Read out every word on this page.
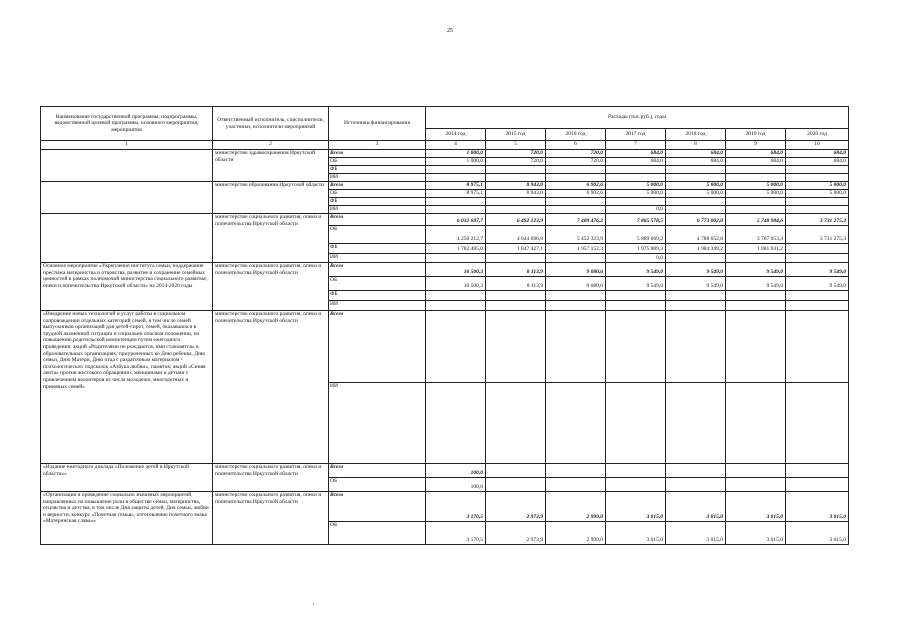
25
Наименование государственной программы, подпрограммы, ведомственной целевой программы, основного мероприятия, мероприятия	Ответственный исполнитель, соисполнители, участники, исполнители мероприятий	Источники финансирования	Расходы (тыс.руб.), годы						
			2014 год	2015 год	2016 год	2017 год	2018 год	2019 год	2020 год
1	2	3	4	5	6	7	8	9	10
	министерство здравоохранения Иркутской области	Всего	1 000,0	720,0	720,0	684,0	684,0	684,0	684,0
		ОБ	1 000,0	720,0	720,0	684,0	684,0	684,0	684,0
		ФБ							
		ИИ							
	министерство образования Иркутской области	Всего	8 975,1	8 943,0	6 902,6	5 000,0	5 000,0	5 000,0	5 000,0
		ОБ	8 975,1	8 943,0	6 902,6	5 000,0	5 000,0	5 000,0	5 000,0
		ФБ							
		ИИ				0,0			
	министерство социального развития, опеки и попечительства Иркутской области	Всего	6 032 697,7	6 492 123,9	7 409 476,2	7 865 578,5	6 773 002,0	5 748 984,6	3 731 275,3
		ОБ	4 250 212,7	4 644 696,8	5 452 323,9	5 889 669,2	4 788 652,8	3 767 053,4	3 731 275,3
		ФБ	1 782 485,0	1 847 427,1	1 957 152,3	1 975 909,3	1 984 349,2	1 981 931,2	
		ИИ				0,0			
Основное мероприятие «Укрепление института семьи, поддержание престижа материнства и отцовства, развитие и сохранение семейных ценностей в рамках полномочий министерства социального развития, опеки и попечительства Иркутской области» на 2014-2020 годы	министерство социального развития, опеки и попечительства Иркутской области	Всего	10 500,3	8 113,9	9 080,6	9 549,0	9 549,0	9 549,0	9 549,0
		ОБ	10 500,3	8 113,9	9 080,6	9 549,0	9 549,0	9 549,0	9 549,0
		ФБ							
		ИИ							
«Внедрение новых технологий и услуг работы в социальном сопровождении отдельных категорий семей, в том числе семей выпускников организаций для детей-сирот, семей, оказавшихся в трудной жизненной ситуации и социально опасном положении, по повышению родительской компетенции путем ежегодного проведения: акций «Родителями не рождаются, ими становятся» в образовательных организациях, приуроченных ко Дню ребенка, Дню семьи, Дню Матери, Дню отца с раздаточным материалом - психологических подсказок «Азбука любви», памяток; акций «Синяя лента» против жестокого обращения с женщинами и детьми с привлечением волонтеров из числа молодежи, многодетных и приемных семей»	министерство социального развития, опеки и попечительства Иркутской области	Всего							
		ИИ							
«Издание ежегодного доклада «Положение детей в Иркутской области»»	министерство социального развития, опеки и попечительства Иркутской области	Всего	100,0						
		ОБ	100,0						
«Организация и проведение социально значимых мероприятий, направленных на повышение роли в обществе семьи, материнства, отцовства и детства, в том числе Дня защиты детей, Дня семьи, любви и верности, конкурс «Почетная семья», изготовление почетного знака «Материнская слава»»	министерство социального развития, опеки и попечительства Иркутской области	Всего	3 170,5	2 973,9	2 999,0	3 015,0	3 015,0	3 015,0	3 015,0
		ОБ	3 170,5	2 973,9	2 999,0	3 015,0	3 015,0	3 015,0	3 015,0
·
